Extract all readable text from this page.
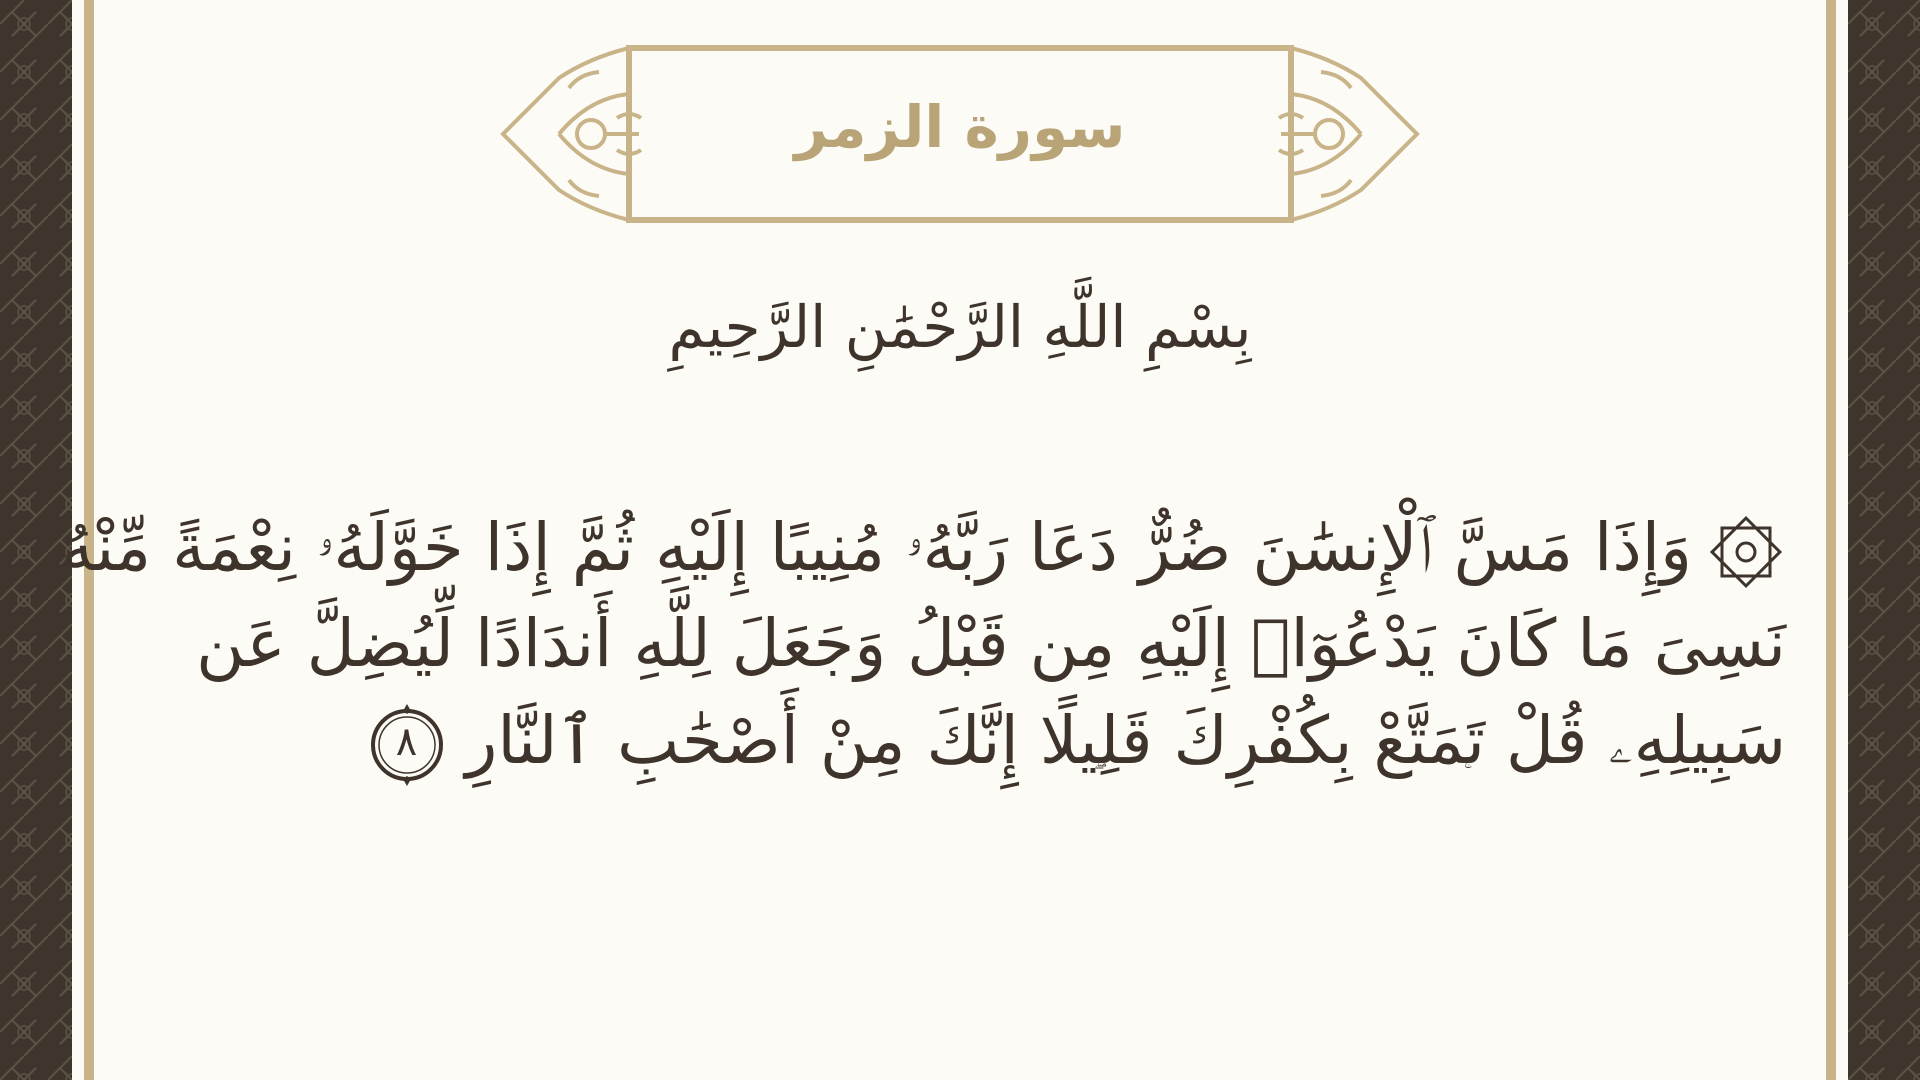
سورة الزمر
بِسْمِ اللَّهِ الرَّحْمَٰنِ الرَّحِيمِ
وَإِذَا مَسَّ ٱلْإِنسَٰنَ ضُرٌّ دَعَا رَبَّهُۥ مُنِيبًا إِلَيْهِ ثُمَّ إِذَا خَوَّلَهُۥ نِعْمَةً مِّنْهُ
نَسِىَ مَا كَانَ يَدْعُوٓا۟ إِلَيْهِ مِن قَبْلُ وَجَعَلَ لِلَّهِ أَندَادًا لِّيُضِلَّ عَن
سَبِيلِهِۦ قُلْ تَمَتَّعْ بِكُفْرِكَ قَلِيلًا إِنَّكَ مِنْ أَصْحَٰبِ ٱلنَّارِ
٨
